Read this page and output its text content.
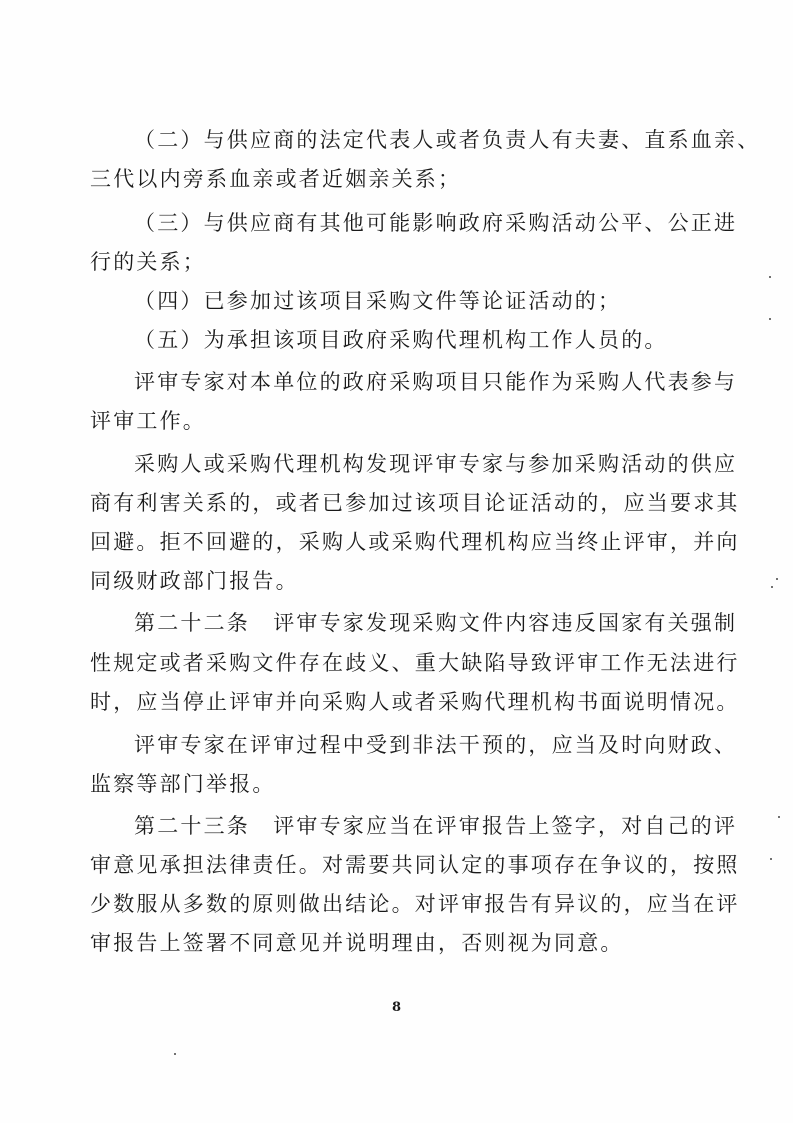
（二）与供应商的法定代表人或者负责人有夫妻、直系血亲、
三代以内旁系血亲或者近姻亲关系；
（三）与供应商有其他可能影响政府采购活动公平、公正进
行的关系；
（四）已参加过该项目采购文件等论证活动的；
（五）为承担该项目政府采购代理机构工作人员的。
评审专家对本单位的政府采购项目只能作为采购人代表参与
评审工作。
采购人或采购代理机构发现评审专家与参加采购活动的供应
商有利害关系的，或者已参加过该项目论证活动的，应当要求其
回避。拒不回避的，采购人或采购代理机构应当终止评审，并向
同级财政部门报告。
第二十二条　评审专家发现采购文件内容违反国家有关强制
性规定或者采购文件存在歧义、重大缺陷导致评审工作无法进行
时，应当停止评审并向采购人或者采购代理机构书面说明情况。
评审专家在评审过程中受到非法干预的，应当及时向财政、
监察等部门举报。
第二十三条　评审专家应当在评审报告上签字，对自己的评
审意见承担法律责任。对需要共同认定的事项存在争议的，按照
少数服从多数的原则做出结论。对评审报告有异议的，应当在评
审报告上签署不同意见并说明理由，否则视为同意。
8
